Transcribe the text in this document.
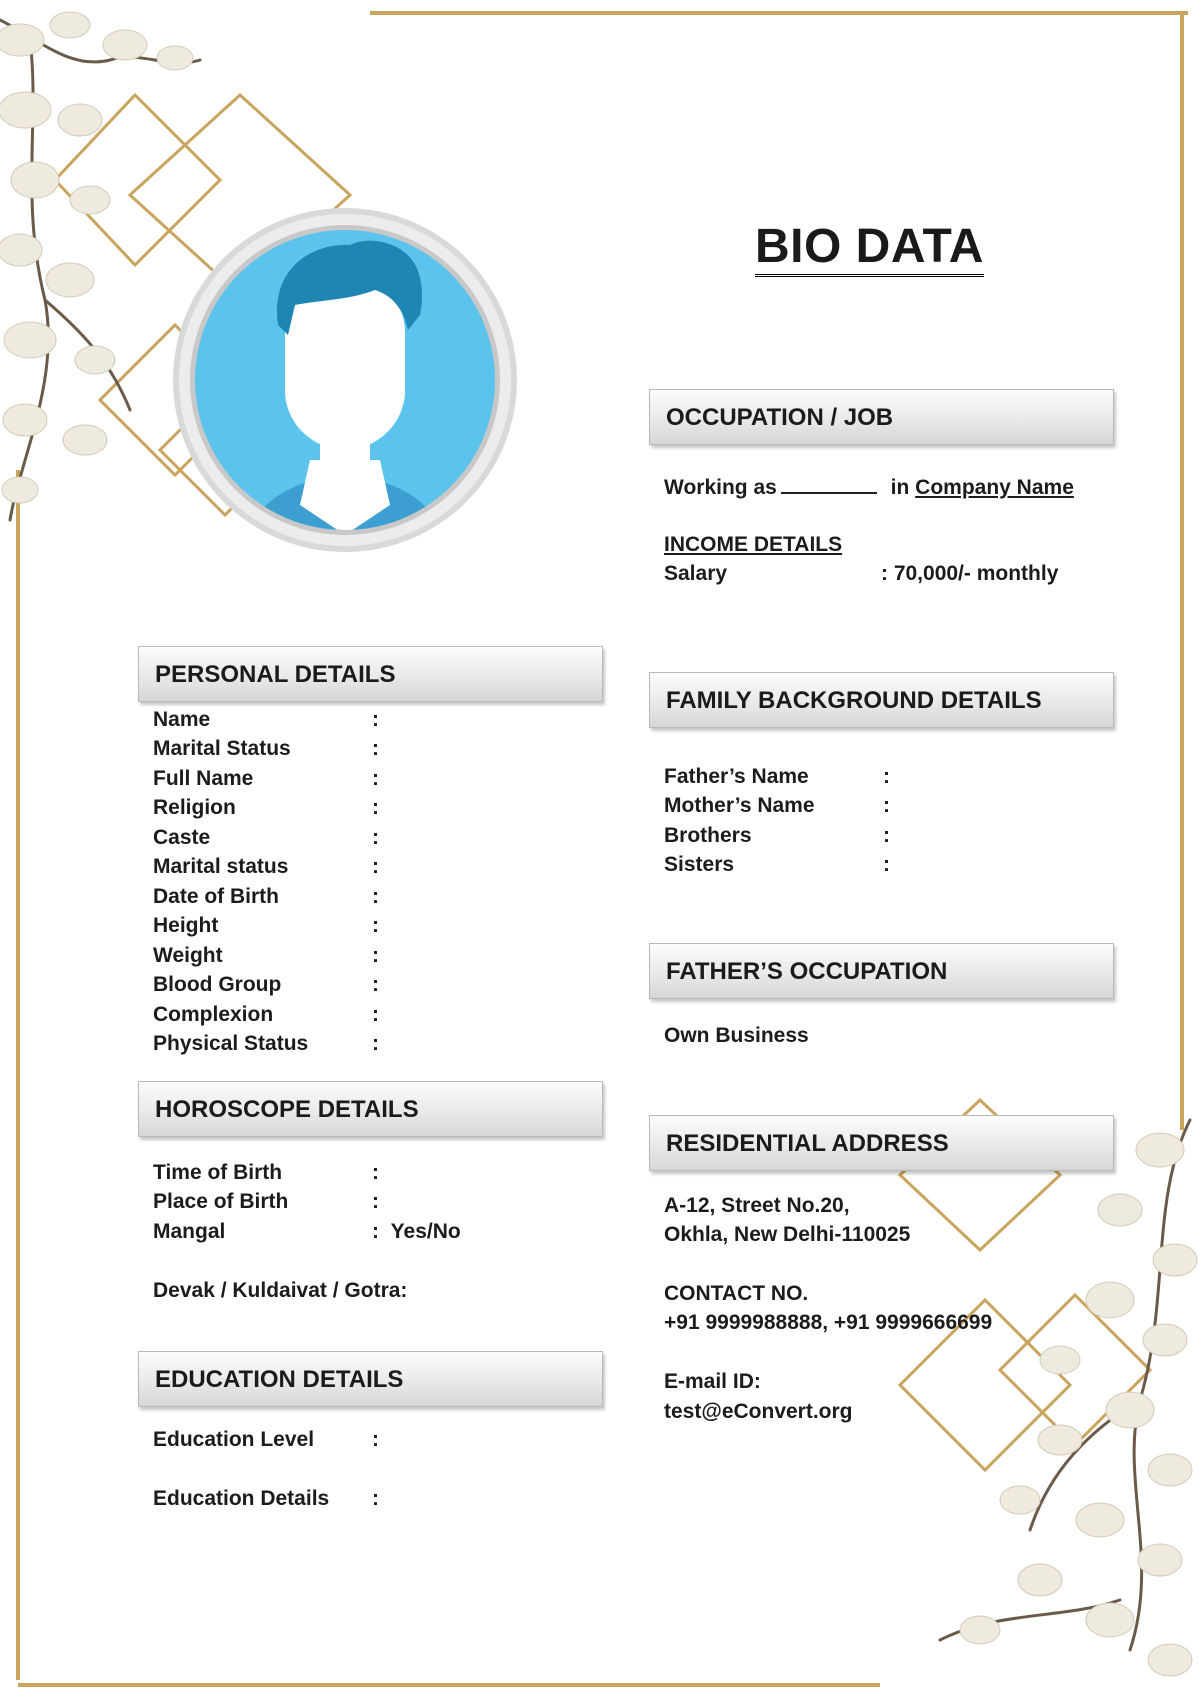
BIO DATA
OCCUPATION / JOB
Working as	in Company Name
INCOME DETAILS
Salary	: 70,000/- monthly
PERSONAL DETAILS
Name	:
Marital Status	:
Full Name	:
Religion	:
Caste	:
Marital status	:
Date of Birth	:
Height	:
Weight	:
Blood Group	:
Complexion	:
Physical Status	:
HOROSCOPE DETAILS
Time of Birth	:
Place of Birth	:
Mangal	: Yes/No
Devak / Kuldaivat / Gotra:
EDUCATION DETAILS
Education Level	:
Education Details :
FAMILY BACKGROUND DETAILS
Father’s Name	:
Mother’s Name	:
Brothers	:
Sisters	:
FATHER’S OCCUPATION
Own Business
RESIDENTIAL ADDRESS
A-12, Street No.20,
Okhla, New Delhi-110025
CONTACT NO.
+91 9999988888, +91 9999666699
E-mail ID:
test@eConvert.org
